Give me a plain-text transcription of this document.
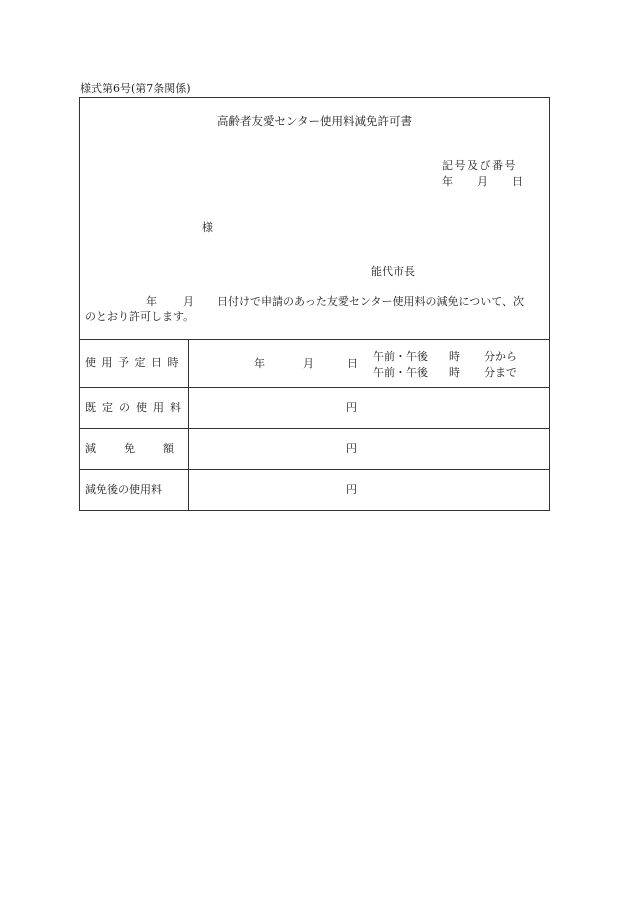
様式第6号(第7条関係)
高齢者友愛センター使用料減免許可書
記号及び番号
年 月 日
様
能代市長
年 月 日付けで申請のあった友愛センター使用料の減免について、次
のとおり許可します。
使用予定日時	年 月 日
午前・午後 時 分から
午前・午後 時 分まで

既定の使用料	円

減 免 額	円

減免後の使用料	円
